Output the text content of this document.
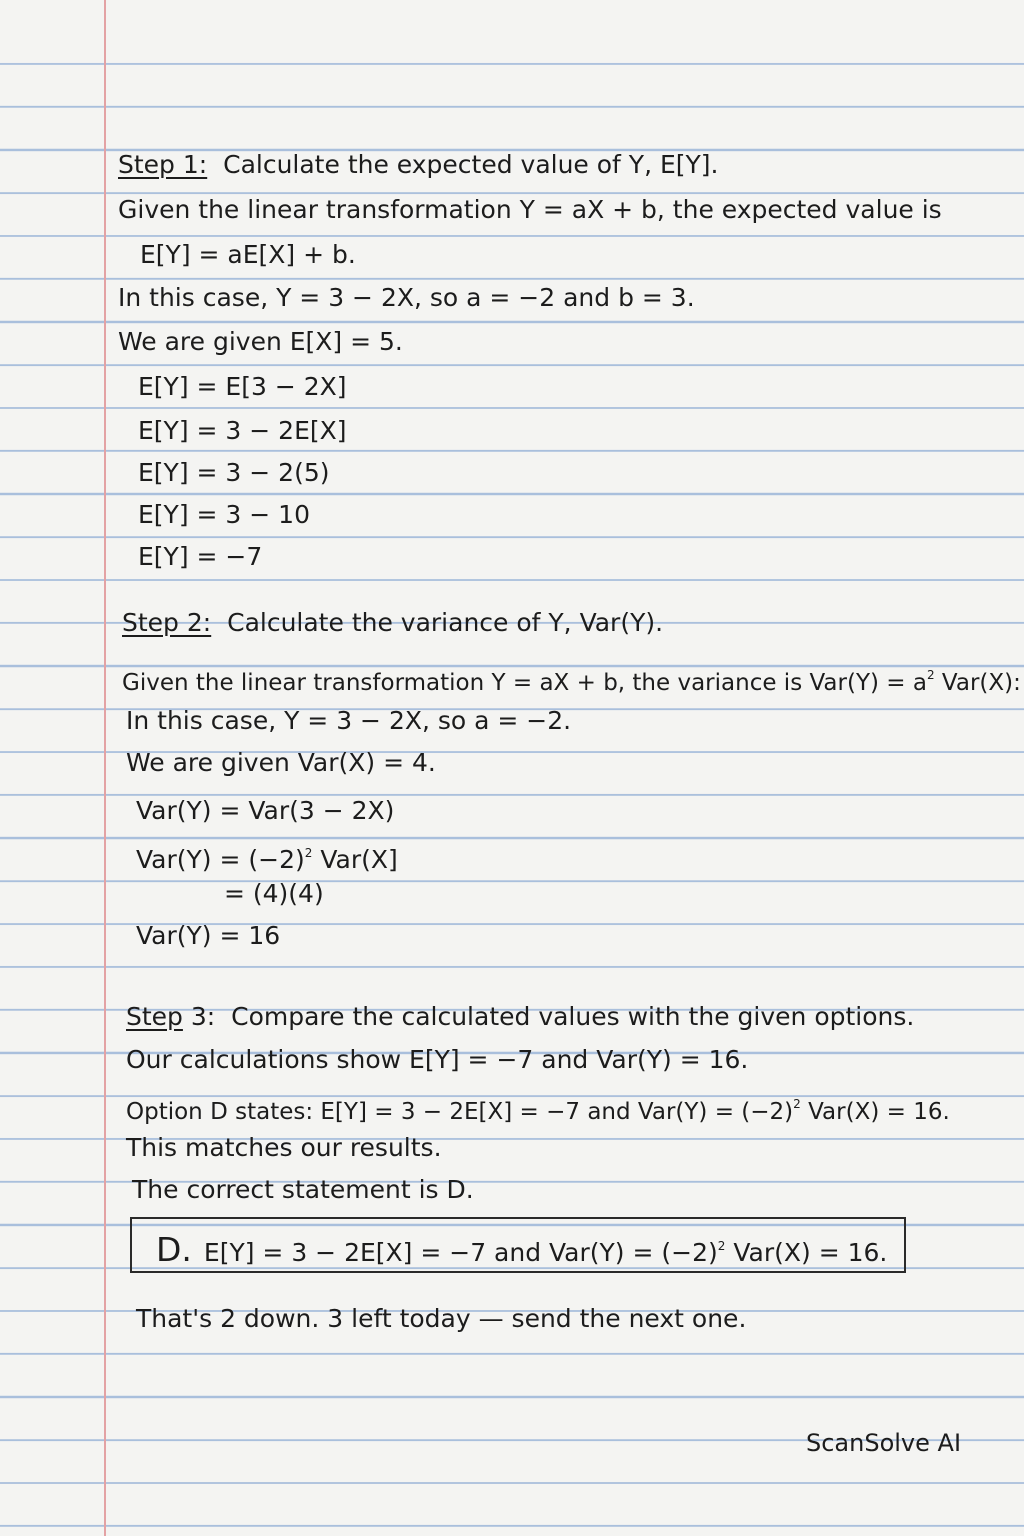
Step 1: Calculate the expected value of Y, E[Y].

Given the linear transformation Y = aX + b, the expected value is

E[Y] = aE[X] + b.

In this case, Y = 3 − 2X, so a = −2 and b = 3.

We are given E[X] = 5.

E[Y] = E[3 − 2X]

E[Y] = 3 − 2E[X]

E[Y] = 3 − 2(5)

E[Y] = 3 − 10

E[Y] = −7

Step 2: Calculate the variance of Y, Var(Y).

Given the linear transformation Y = aX + b, the variance is $Var(Y) = a^2$ Var(X):

In this case, Y = 3 − 2X, so a = −2.

We are given Var(X) = 4.

Var(Y) = Var(3 − 2X)

$Var(Y) = (-2)^2$ Var(X]

= (4)(4)

Var(Y) = 16

Step 3: Compare the calculated values with the given options.

Our calculations show E[Y] = −7 and Var(Y) = 16.

Option D states: E[Y] = 3 − 2E[X] = −7 and $Var(Y) = (-2)^2$ Var(X) = 16.

This matches our results.

The correct statement is D.

D. E[Y] = 3 − 2E[X] = −7 and $Var(Y) = (-2)^2$ Var(X) = 16.

That's 2 down. 3 left today — send the next one.

ScanSolve AI
